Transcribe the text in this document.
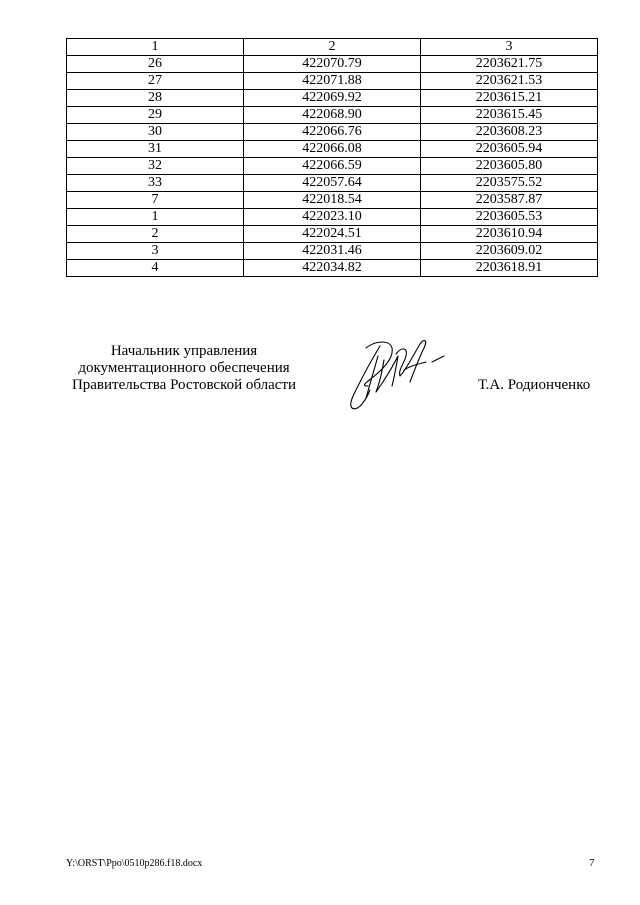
1	2	3
26	422070.79	2203621.75
27	422071.88	2203621.53
28	422069.92	2203615.21
29	422068.90	2203615.45
30	422066.76	2203608.23
31	422066.08	2203605.94
32	422066.59	2203605.80
33	422057.64	2203575.52
7	422018.54	2203587.87
1	422023.10	2203605.53
2	422024.51	2203610.94
3	422031.46	2203609.02
4	422034.82	2203618.91
Начальник управления
документационного обеспечения
Правительства Ростовской области	Т.А. Родионченко
Y:\ORST\Ppo\0510p286.f18.docx	7
